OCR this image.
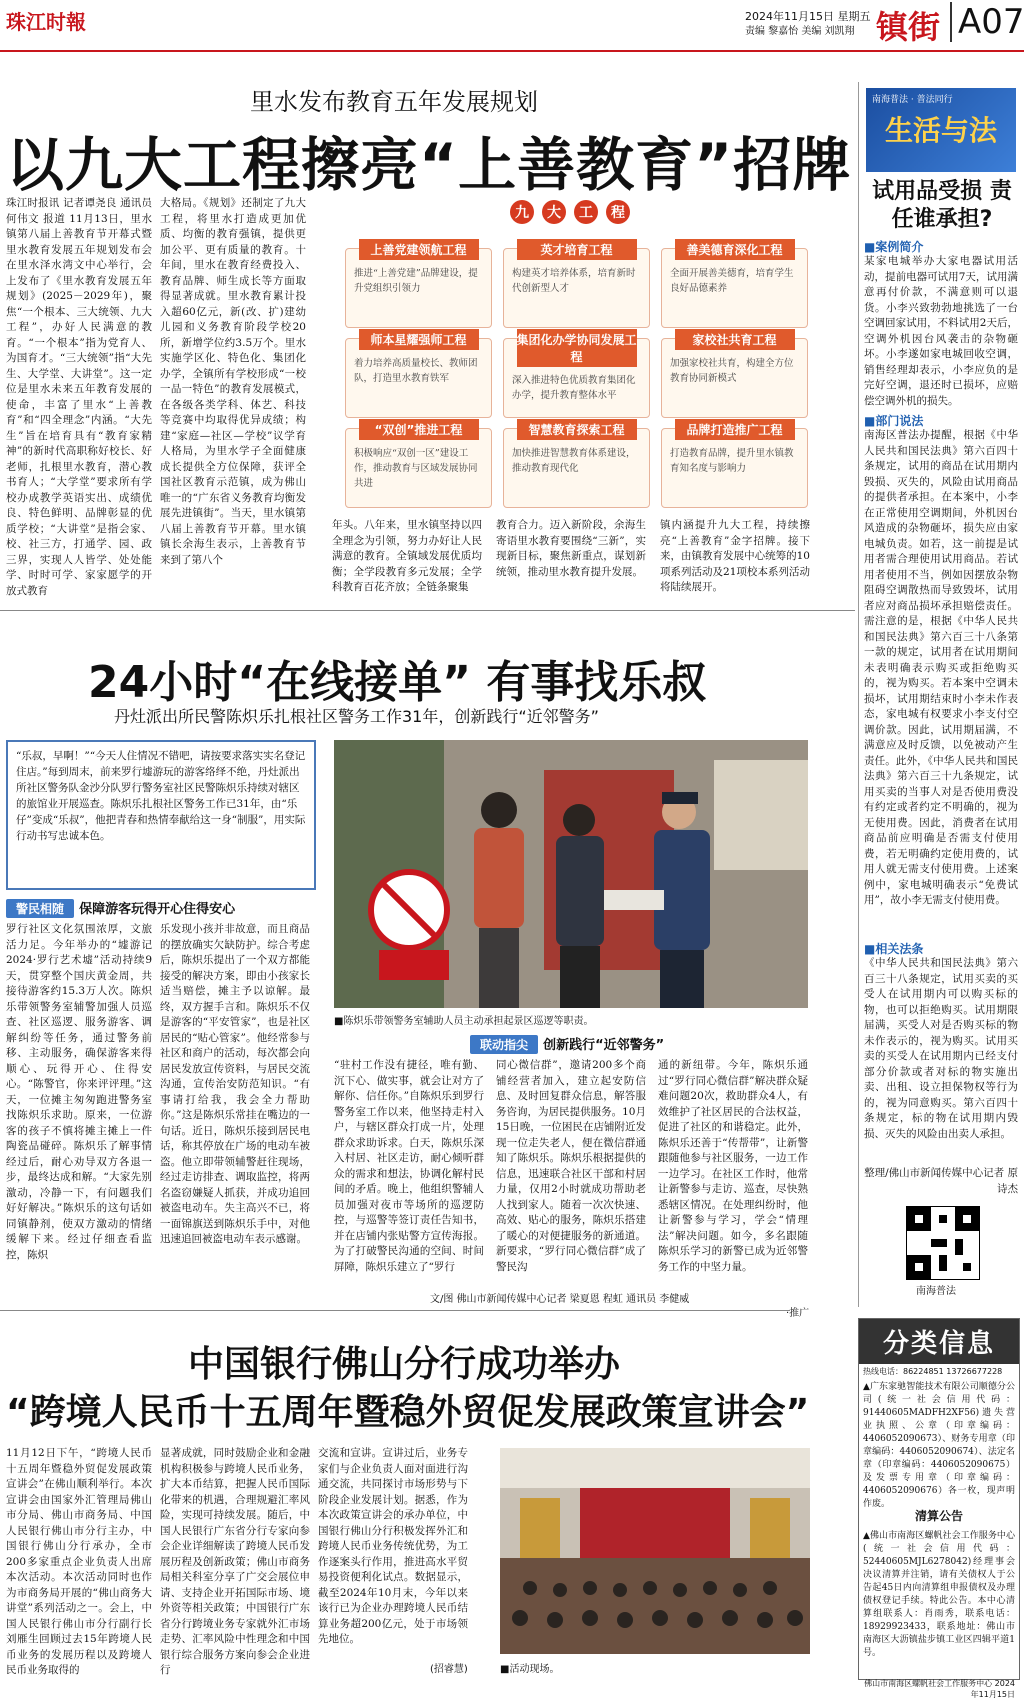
珠江时報	2024年11月15日 星期五
责编 黎嘉怡 美编 刘凯翔 镇街 A07
里水发布教育五年发展规划
以九大工程擦亮“上善教育”招牌
珠江时报讯 记者谭尧良 通讯员何伟文 报道 11月13日，里水镇第八届上善教育节开幕式暨里水教育发展五年规划发布会在里水泽水湾文中心举行，会上发布了《里水教育发展五年规划》(2025－2029年)，聚焦“一个根本、三大统领、九大工程”，办好人民满意的教育。“一个根本”指为党育人、为国育才。“三大统领”指“大先生、大学堂、大讲堂”。这一定位是里水未来五年教育发展的使命，丰富了里水“上善教育”和“四全理念”内涵。“大先生”旨在培育具有“教育家精神”的新时代高职称好校长、好老师，扎根里水教育，潜心教书育人；“大学堂”要求所有学校办成教学英语实出、成绩优良、特色鲜明、品牌彰显的优质学校；“大讲堂”是指会家、校、社三方，打通学、园、政三界，实现人人皆学、处处能学、时时可学、家家愿学的开放式教育
大格局。《规划》还制定了九大工程，将里水打造成更加优质、均衡的教育强镇，提供更加公平、更有质量的教育。十年间，里水在教育经费投入、教育品牌、师生成长等方面取得显著成就。里水教育累计投入超60亿元，新(改、扩)建幼儿园和义务教育阶段学校20所，新增学位约3.5万个。里水实施学区化、特色化、集团化办学，全镇所有学校形成“一校一品一特色”的教育发展模式，在各级各类学科、体艺、科技等竞赛中均取得优异成绩；构建“家庭—社区—学校”议学育人格局，为里水学子全面健康成长提供全方位保障，获评全国社区教育示范镇，成为佛山唯一的“广东省义务教育均衡发展先进镇街”。当天，里水镇第八届上善教育节开幕。里水镇镇长余海生表示，上善教育节来到了第八个
九	大	工	程
上善党建领航工程
推进“上善党建”品牌建设，提升党组织引领力
英才培育工程
构建英才培养体系，培育新时代创新型人才
善美德育深化工程
全面开展善美德育，培育学生良好品德素养
师本星耀强师工程
着力培养高质量校长、教师团队，打造里水教育铁军
集团化办学协同发展工程
深入推进特色优质教育集团化办学，提升教育整体水平
家校社共育工程
加强家校社共育，构建全方位教育协同新模式
“双创”推进工程
积极响应“双创一区”建设工作，推动教育与区域发展协同共进
智慧教育探索工程
加快推进智慧教育体系建设，推动教育现代化
品牌打造推广工程
打造教育品牌，提升里水镇教育知名度与影响力
年头。八年来，里水镇坚持以四全理念为引领，努力办好让人民满意的教育。全镇域发展优质均衡；全学段教育多元发展；全学科教育百花齐放；全链条聚集
教育合力。迈入新阶段，余海生寄语里水教育要围绕“三新”，实现新目标，聚焦新重点，谋划新统领，推动里水教育提升发展。
镇内涵提升九大工程，持续擦亮“上善教育”金字招牌。接下来，由镇教育发展中心统筹的10项系列活动及21项校本系列活动将陆续展开。
24小时“在线接单” 有事找乐叔
丹灶派出所民警陈炽乐扎根社区警务工作31年，创新践行“近邻警务”
“乐叔，早啊！”“今天人住情况不错吧，请按要求落实实名登记住店。”每到周末，前来罗行墟游玩的游客络绎不绝，丹灶派出所社区警务队金沙分队罗行警务室社区民警陈炽乐持续对辖区的旅馆业开展巡查。陈炽乐扎根社区警务工作已31年，由“乐仔”变成“乐叔”，他把青春和热情奉献给这一身“制服”，用实际行动书写忠诚本色。
警民相随 保障游客玩得开心住得安心
罗行社区文化氛围浓厚，文旅活力足。今年举办的“墟游记2024·罗行艺术墟”活动持续9天，贯穿整个国庆黄金周，共接待游客约15.3万人次。陈炽乐带领警务室辅警加强人员巡查、社区巡逻、服务游客、调解纠纷等任务，通过警务前移、主动服务，确保游客来得顺心、玩得开心、住得安心。“陈警官，你来评评理。”这天，一位摊主匆匆跑进警务室找陈炽乐求助。原来，一位游客的孩子不慎将摊主摊上一件陶瓷品碰碎。陈炽乐了解事情经过后，耐心劝导双方各退一步，最终达成和解。“大家先别激动，冷静一下，有问题我们好好解决。”陈炽乐的这句话如同镇静剂，使双方激动的情绪缓解下来。经过仔细查看监控，陈炽
乐发现小孩并非故意，而且商品的摆放确实欠缺防护。综合考虑后，陈炽乐提出了一个双方都能接受的解决方案，即由小孩家长适当赔偿，摊主予以谅解。最终，双方握手言和。陈炽乐不仅是游客的“平安管家”，也是社区居民的“贴心管家”。他经常参与社区和商户的活动，每次都会向居民发放宣传资料，与居民交流沟通，宣传治安防范知识。“有事请打给我，我会全力帮助你。”这是陈炽乐常挂在嘴边的一句话。近日，陈炽乐接到居民电话，称其停放在广场的电动车被盗。他立即带领辅警赶往现场，经过走访排查、调取监控，将两名盗窃嫌疑人抓获，并成功追回被盗电动车。失主高兴不已，将一面锦旗送到陈炽乐手中，对他迅速追回被盗电动车表示感谢。
■陈炽乐带领警务室辅助人员主动承担起景区巡逻等职责。
联动指尖 创新践行“近邻警务”
“驻村工作没有捷径，唯有勤、沉下心、做实事，就会让对方了解你、信任你。”自陈炽乐到罗行警务室工作以来，他坚持走村入户，与辖区群众打成一片，处理群众求助诉求。白天，陈炽乐深入村居、社区走访，耐心倾听群众的需求和想法，协调化解村民间的矛盾。晚上，他组织警辅人员加强对夜市等场所的巡逻防控，与巡警等签订责任告知书，并在店铺内张贴警方宣传海报。为了打破警民沟通的空间、时间屏障，陈炽乐建立了“罗行
同心微信群”，邀请200多个商铺经营者加入，建立起安防信息、及时回复群众信息，解答服务咨询，为居民提供服务。10月15日晚，一位困民在店铺附近发现一位走失老人，便在微信群通知了陈炽乐。陈炽乐根据提供的信息，迅速联合社区干部和村居力量，仅用2小时就成功帮助老人找到家人。随着一次次快速、高效、贴心的服务，陈炽乐搭建了暖心的对便捷服务的新通道。新要求，“罗行同心微信群”成了警民沟
通的新纽带。今年，陈炽乐通过“罗行同心微信群”解决群众疑难问题20次，救助群众4人，有效维护了社区居民的合法权益，促进了社区的和谐稳定。此外，陈炽乐还善于“传帮带”，让新警跟随他参与社区服务，一边工作一边学习。在社区工作时，他常让新警参与走访、巡查，尽快熟悉辖区情况。在处理纠纷时，他让新警参与学习，学会“情理法”解决问题。如今，多名跟随陈炽乐学习的新警已成为近邻警务工作的中坚力量。
文/图 佛山市新闻传媒中心记者 梁夏恩 程虹 通讯员 李健威
·推广
中国银行佛山分行成功举办
“跨境人民币十五周年暨稳外贸促发展政策宣讲会”
11月12日下午，“跨境人民币十五周年暨稳外贸促发展政策宣讲会”在佛山顺利举行。本次宣讲会由国家外汇管理局佛山市分局、佛山市商务局、中国人民银行佛山市分行主办，中国银行佛山分行承办，全市200多家重点企业负责人出席本次活动。本次活动同时也作为市商务局开展的“佛山商务大讲堂”系列活动之一。会上，中国人民银行佛山市分行副行长刘雁生回顾过去15年跨境人民币业务的发展历程以及跨境人民币业务取得的
显著成就，同时鼓励企业和金融机构积极参与跨境人民币业务，扩大本币结算，把握人民币国际化带来的机遇，合理规避汇率风险，实现可持续发展。随后，中国人民银行广东省分行专家向参会企业详细解读了跨境人民币发展历程及创新政策；佛山市商务局相关科室分享了广交会展位申请、支持企业开拓国际市场、境外资等相关政策；中国银行广东省分行跨境业务专家就外汇市场走势、汇率风险中性理念和中国银行综合服务方案向参会企业进行
交流和宣讲。宣讲过后，业务专家们与企业负责人面对面进行沟通交流，共同探讨市场形势与下阶段企业发展计划。据悉，作为本次政策宣讲会的承办单位，中国银行佛山分行积极发挥外汇和跨境人民币业务传统优势，为工作逐案头行作用，推进高水平贸易投资便利化试点。数据显示，截至2024年10月末，今年以来该行已为企业办理跨境人民币结算业务超200亿元，处于市场领先地位。
(招睿慧)	■活动现场。
南海普法 · 普法同行
生活与法
试用品受损 责任谁承担?
■案例简介
某家电城举办大家电器试用活动，提前电器可试用7天，试用满意再付价款，不满意则可以退货。小李兴致勃勃地挑选了一台空调回家试用，不料试用2天后，空调外机因台风袭击的杂物砸坏。小李遂如家电城回收空调，销售经理却表示，小李应负的是完好空调，退还时已损坏，应赔偿空调外机的损失。
■部门说法
南海区普法办提醒，根据《中华人民共和国民法典》第六百四十条规定，试用的商品在试用期内毁损、灭失的，风险由试用商品的提供者承担。在本案中，小李在正常使用空调期间，外机因台风造成的杂物砸坏，损失应由家电城负责。如若，这一前提是试用者需合理使用试用商品。若试用者使用不当，例如因摆放杂物阻碍空调散热而导致毁坏，试用者应对商品损坏承担赔偿责任。需注意的是，根据《中华人民共和国民法典》第六百三十八条第一款的规定，试用者在试用期间未表明确表示购买或拒绝购买的，视为购买。若本案中空调未损坏，试用期结束时小李未作表态，家电城有权要求小李支付空调价款。因此，试用期届满，不满意应及时反馈，以免被动产生责任。此外，《中华人民共和国民法典》第六百三十九条规定，试用买卖的当事人对是否使用费没有约定或者约定不明确的，视为无使用费。因此，消费者在试用商品前应明确是否需支付使用费，若无明确约定使用费的，试用人就无需支付使用费。上述案例中，家电城明确表示“免费试用”，故小李无需支付使用费。
■相关法条
《中华人民共和国民法典》第六百三十八条规定，试用买卖的买受人在试用期内可以购买标的物，也可以拒绝购买。试用期限届满，买受人对是否购买标的物未作表示的，视为购买。试用买卖的买受人在试用期内已经支付部分价款或者对标的物实施出卖、出租、设立担保物权等行为的，视为同意购买。第六百四十条规定，标的物在试用期内毁损、灭失的风险由出卖人承担。
整理/佛山市新闻传媒中心记者 原诗杰
南海普法
分类信息
热线电话：86224851 13726677228
▲广东家驰智能技术有限公司顺德分公司(统一社会信用代码：91440605MADFH2XF56)遗失营业执照、公章（印章编码：4406052090673）、财务专用章（印章编码：4406052090674）、法定名章（印章编码：4406052090675）及发票专用章（印章编码：4406052090676）各一枚，现声明作废。
清算公告
▲佛山市南海区螺帆社会工作服务中心(统一社会信用代码：52440605MJL6278042)经理事会决议清算并注销，请有关债权人于公告起45日内向清算组申报债权及办理债权登记手续。特此公告。本中心清算组联系人：肖雨秀，联系电话：18929923433，联系地址：佛山市南海区大沥镇盐步镇工业区四辑平道1号。
佛山市南海区螺帆社会工作服务中心 2024年11月15日
